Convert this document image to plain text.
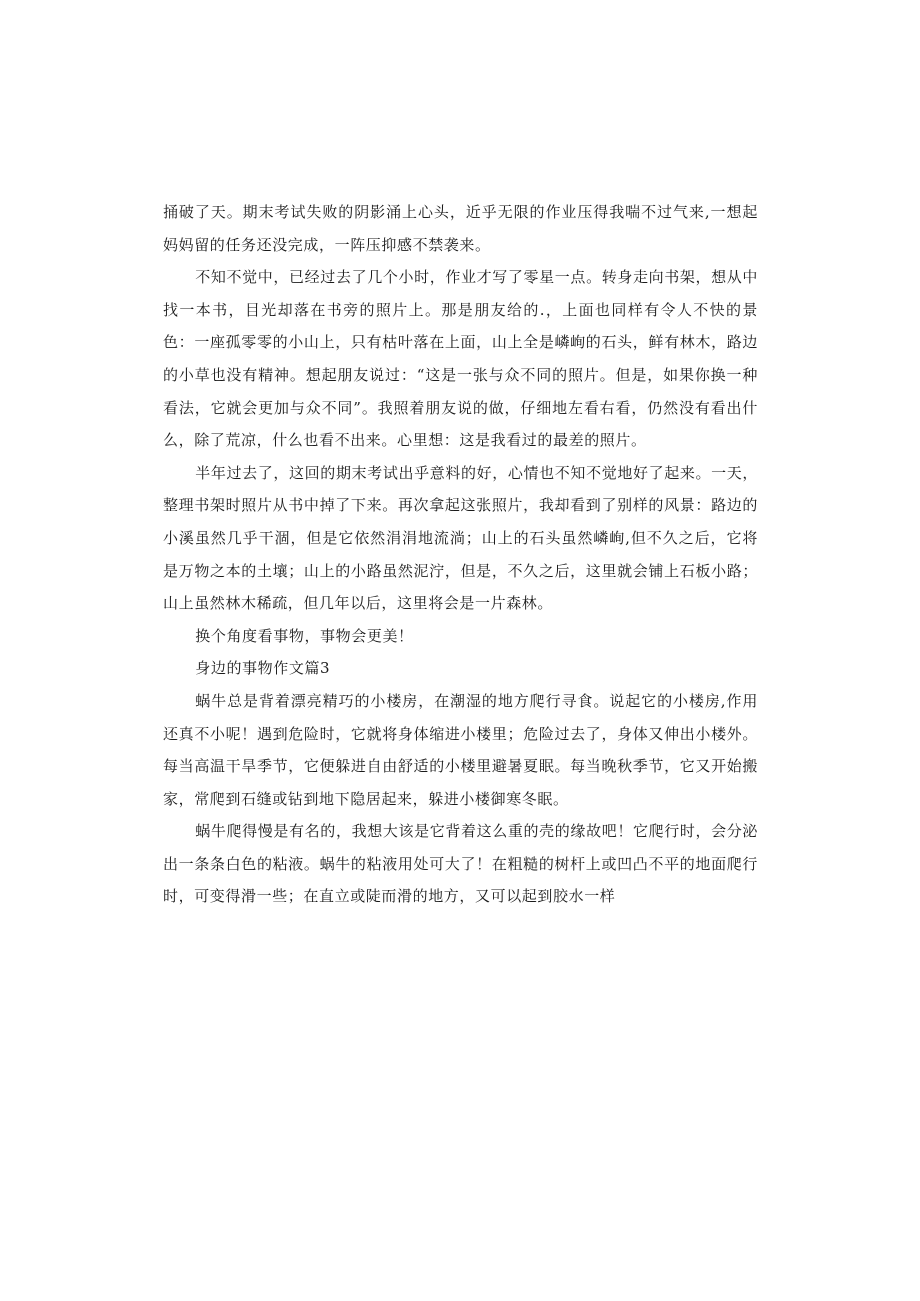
捅破了天。期末考试失败的阴影涌上心头，近乎无限的作业压得我喘不过气来,一想起妈妈留的任务还没完成，一阵压抑感不禁袭来。

不知不觉中，已经过去了几个小时，作业才写了零星一点。转身走向书架，想从中找一本书，目光却落在书旁的照片上。那是朋友给的.，上面也同样有令人不快的景色：一座孤零零的小山上，只有枯叶落在上面，山上全是嶙峋的石头，鲜有林木，路边的小草也没有精神。想起朋友说过：“这是一张与众不同的照片。但是，如果你换一种看法，它就会更加与众不同”。我照着朋友说的做，仔细地左看右看，仍然没有看出什么，除了荒凉，什么也看不出来。心里想：这是我看过的最差的照片。

半年过去了，这回的期末考试出乎意料的好，心情也不知不觉地好了起来。一天，整理书架时照片从书中掉了下来。再次拿起这张照片，我却看到了别样的风景：路边的小溪虽然几乎干涸，但是它依然涓涓地流淌；山上的石头虽然嶙峋,但不久之后，它将是万物之本的土壤；山上的小路虽然泥泞，但是，不久之后，这里就会铺上石板小路；山上虽然林木稀疏，但几年以后，这里将会是一片森林。

换个角度看事物，事物会更美！

身边的事物作文篇3

蜗牛总是背着漂亮精巧的小楼房，在潮湿的地方爬行寻食。说起它的小楼房,作用还真不小呢！遇到危险时，它就将身体缩进小楼里；危险过去了，身体又伸出小楼外。每当高温干旱季节，它便躲进自由舒适的小楼里避暑夏眠。每当晚秋季节，它又开始搬家，常爬到石缝或钻到地下隐居起来，躲进小楼御寒冬眠。

蜗牛爬得慢是有名的，我想大该是它背着这么重的壳的缘故吧！它爬行时，会分泌出一条条白色的粘液。蜗牛的粘液用处可大了！在粗糙的树杆上或凹凸不平的地面爬行时，可变得滑一些；在直立或陡而滑的地方，又可以起到胶水一样
